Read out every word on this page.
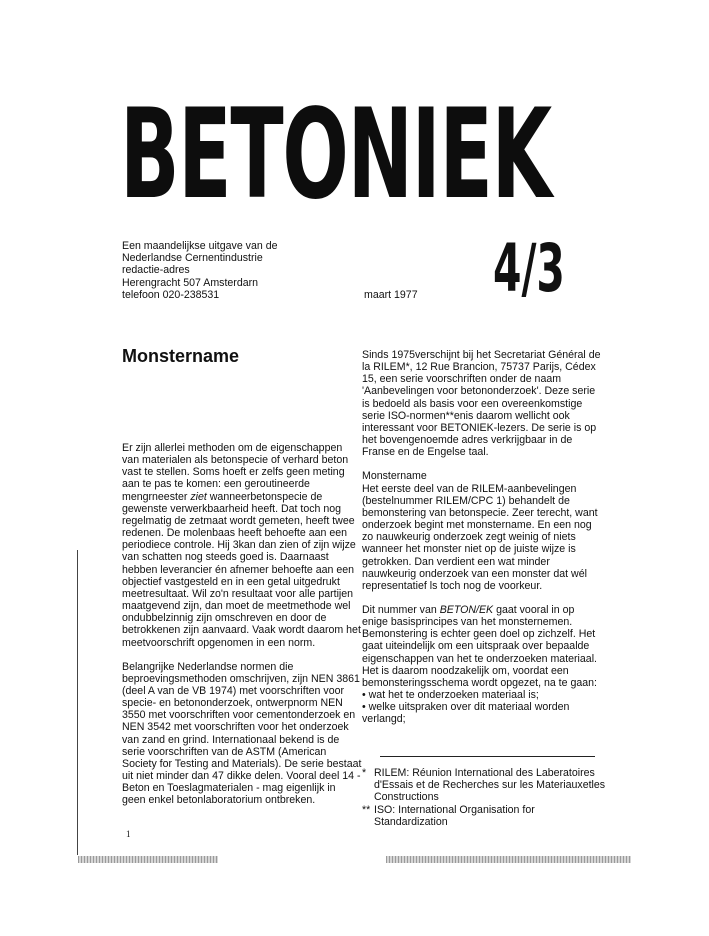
BETONIEK
Een maandelijkse uitgave van de
Nederlandse Cernentindustrie
redactie-adres
Herengracht 507 Amsterdarn
telefoon 020-238531	maart 1977 4/3
Monstername

Er zijn allerlei methoden om de eigenschappen van materialen als betonspecie of verhard beton vast te stellen. Soms hoeft er zelfs geen meting aan te pas te komen: een geroutineerde mengrneester ziet wanneerbetonspecie de gewenste verwerkbaarheid heeft. Dat toch nog regelmatig de zetmaat wordt gemeten, heeft twee redenen. De molenbaas heeft behoefte aan een periodiece controle. Hij 3kan dan zien of zijn wijze van schatten nog steeds goed is. Daarnaast hebben leverancier én afnemer behoefte aan een objectief vastgesteld en in een getal uitgedrukt meetresultaat. Wil zo'n resultaat voor alle partijen maatgevend zijn, dan moet de meetmethode wel ondubbelzinnig zijn omschreven en door de betrokkenen zijn aanvaard. Vaak wordt daarom het meetvoorschrift opgenomen in een norm.

Belangrijke Nederlandse normen die beproevingsmethoden omschrijven, zijn NEN 3861 (deel A van de VB 1974) met voorschriften voor specie- en betononderzoek, ontwerpnorm NEN 3550 met voorschriften voor cementonderzoek en NEN 3542 met voorschriften voor het onderzoek van zand en grind. Internationaal bekend is de serie voorschriften van de ASTM (American Society for Testing and Materials). De serie bestaat uit niet minder dan 47 dikke delen. Vooral deel 14 - Beton en Toeslagmaterialen - mag eigenlijk in geen enkel betonlaboratorium ontbreken.

Sinds 1975verschijnt bij het Secretariat Général de la RILEM*, 12 Rue Brancion, 75737 Parijs, Cédex 15, een serie voorschriften onder de naam 'Aanbevelingen voor betononderzoek'. Deze serie is bedoeld als basis voor een overeenkomstige serie ISO-normen**enis daarom wellicht ook interessant voor BETONIEK-lezers. De serie is op het bovengenoemde adres verkrijgbaar in de Franse en de Engelse taal.

Monstername

Het eerste deel van de RILEM-aanbevelingen (bestelnummer RILEM/CPC 1) behandelt de bemonstering van betonspecie. Zeer terecht, want onderzoek begint met monstername. En een nog zo nauwkeurig onderzoek zegt weinig of niets wanneer het monster niet op de juiste wijze is getrokken. Dan verdient een wat minder nauwkeurig onderzoek van een monster dat wél representatief ls toch nog de voorkeur.

Dit nummer van BETON/EK gaat vooral in op enige basisprincipes van het monsternemen. Bemonstering is echter geen doel op zichzelf. Het gaat uiteindelijk om een uitspraak over bepaalde eigenschappen van het te onderzoeken materiaal. Het is daarom noodzakelijk om, voordat een bemonsteringsschema wordt opgezet, na te gaan:
• wat het te onderzoeken materiaal is;
• welke uitspraken over dit materiaal worden verlangd;

* RILEM: Réunion International des Laberatoires d'Essais et de Recherches sur les Materiauxetles Constructions
** ISO: International Organisation for Standardization
1
